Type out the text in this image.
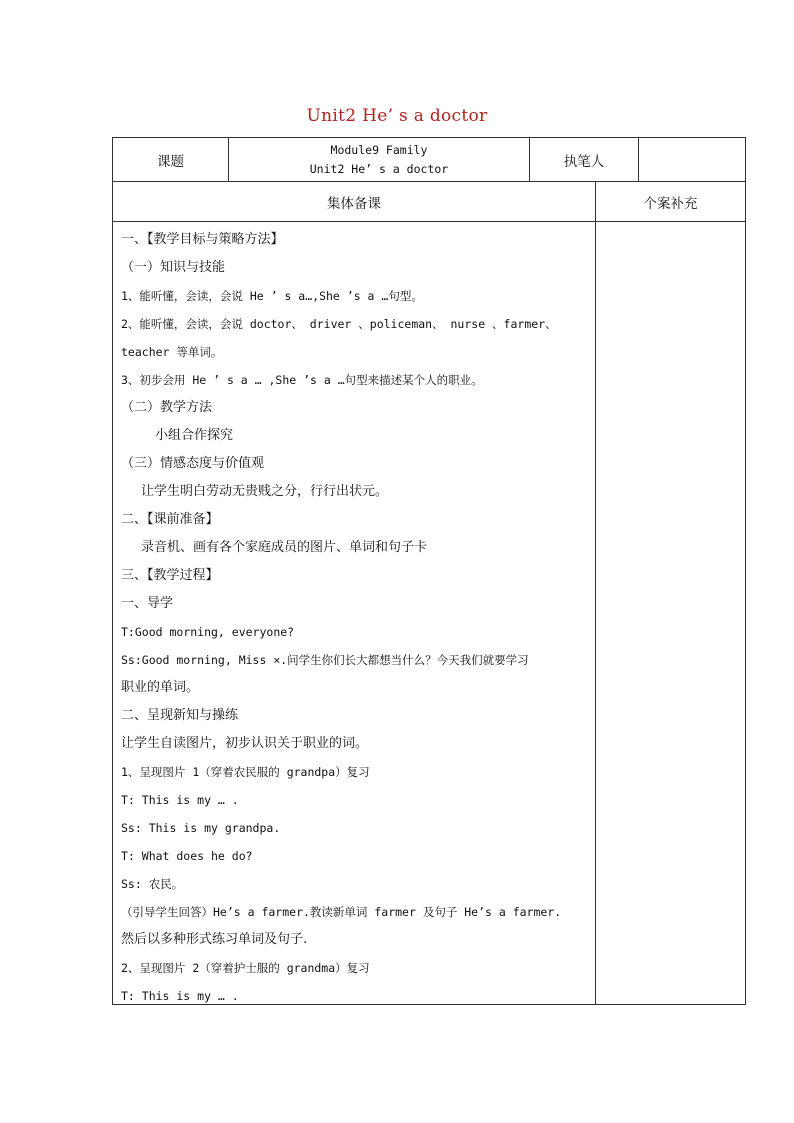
Unit2 He’ s a doctor
课题
Module9 Family
Unit2 He’ s a doctor	执笔人
集体备课	个案补充
一、【教学目标与策略方法】
（一）知识与技能
1、能听懂，会读，会说 He ’ s a…,She ’s a …句型。
2、能听懂，会读，会说 doctor、 driver 、policeman、 nurse 、farmer、
teacher 等单词。
3、初步会用 He ’ s a … ,She ’s a …句型来描述某个人的职业。
（二）教学方法
小组合作探究
（三）情感态度与价值观
让学生明白劳动无贵贱之分，行行出状元。
二、【课前准备】
录音机、画有各个家庭成员的图片、单词和句子卡
三、【教学过程】
一、导学
T:Good morning, everyone?
Ss:Good morning, Miss ×.问学生你们长大都想当什么？今天我们就要学习
职业的单词。
二、呈现新知与操练
让学生自读图片，初步认识关于职业的词。
1、呈现图片 1（穿着农民服的 grandpa）复习
T: This is my … .
Ss: This is my grandpa.
T: What does he do?
Ss: 农民。
（引导学生回答）He’s a farmer.教读新单词 farmer 及句子 He’s a farmer.
然后以多种形式练习单词及句子.
2、呈现图片 2（穿着护士服的 grandma）复习
T: This is my … .
